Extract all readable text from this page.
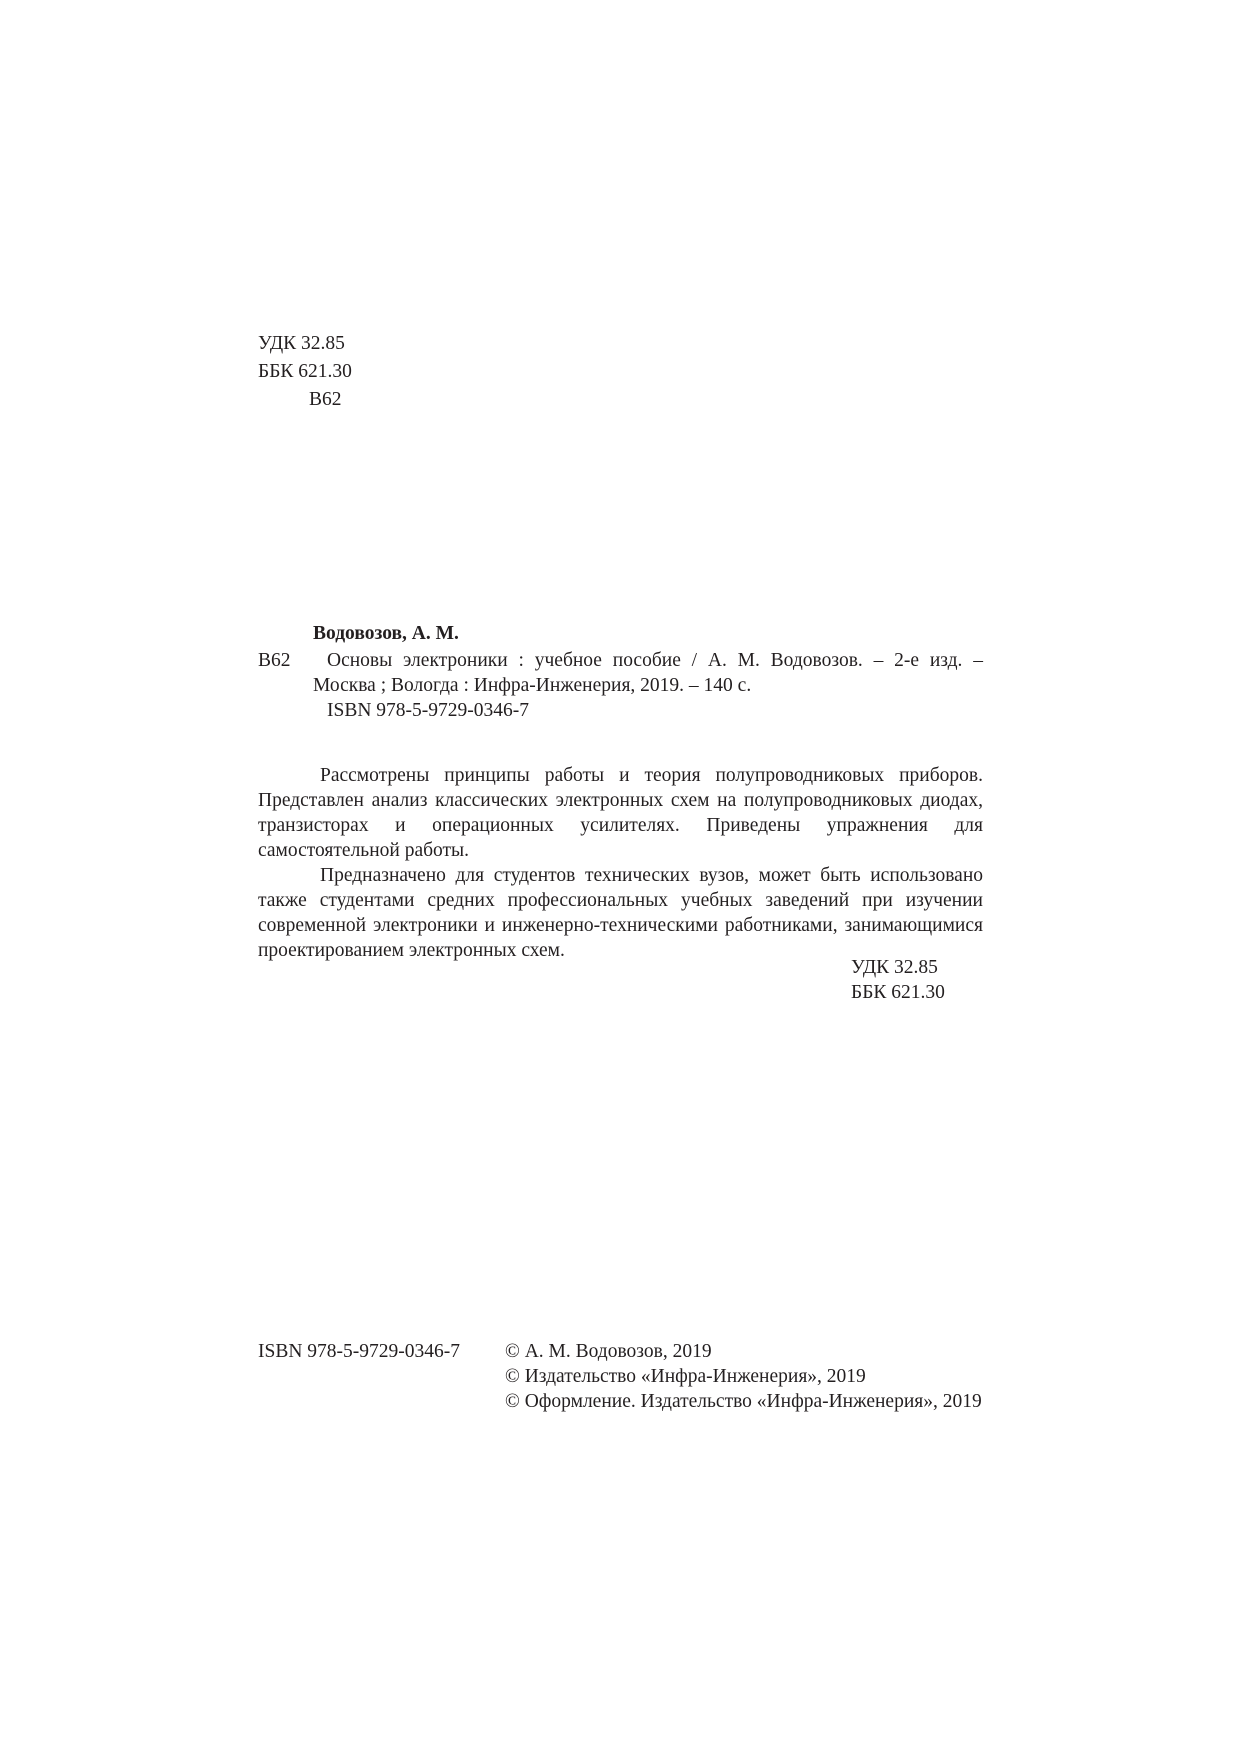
УДК 32.85
ББК 621.30
В62
Водовозов, А. М.
В62 Основы электроники : учебное пособие / А. М. Водовозов. – 2-е изд. –
Москва ; Вологда : Инфра-Инженерия, 2019. – 140 с.
ISBN 978-5-9729-0346-7

Рассмотрены принципы работы и теория полупроводниковых приборов. Представлен анализ классических электронных схем на полупроводниковых диодах, транзисторах и операционных усилителях. Приведены упражнения для самостоятельной работы.

Предназначено для студентов технических вузов, может быть использовано также студентами средних профессиональных учебных заведений при изучении современной электроники и инженерно-техническими работниками, занимающимися проектированием электронных схем.

УДК 32.85
ББК 621.30
ISBN 978-5-9729-0346-7 © А. М. Водовозов, 2019
© Издательство «Инфра-Инженерия», 2019
© Оформление. Издательство «Инфра-Инженерия», 2019
